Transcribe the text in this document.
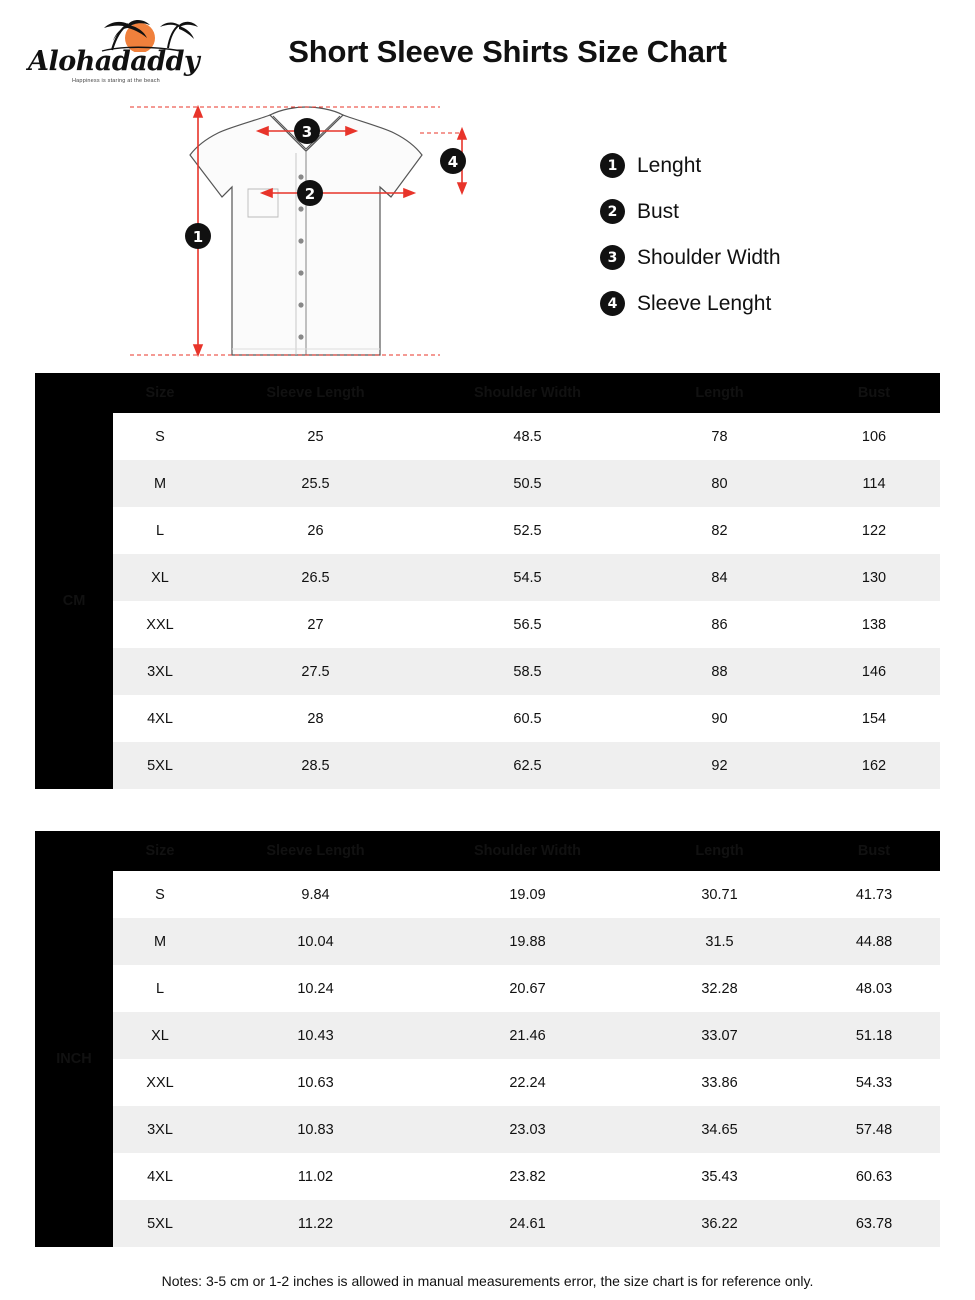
Alohadaddy
Happiness is staring at the beach
Short Sleeve Shirts Size Chart
1
2
3
4	1 Lenght
2 Bust
3 Shoulder Width
4 Sleeve Lenght
	Size	Sleeve Length	Shoulder Width	Length	Bust
CM	S	25	48.5	78	106
	M	25.5	50.5	80	114
	L	26	52.5	82	122
	XL	26.5	54.5	84	130
	XXL	27	56.5	86	138
	3XL	27.5	58.5	88	146
	4XL	28	60.5	90	154
	5XL	28.5	62.5	92	162
	Size	Sleeve Length	Shoulder Width	Length	Bust
INCH	S	9.84	19.09	30.71	41.73
	M	10.04	19.88	31.5	44.88
	L	10.24	20.67	32.28	48.03
	XL	10.43	21.46	33.07	51.18
	XXL	10.63	22.24	33.86	54.33
	3XL	10.83	23.03	34.65	57.48
	4XL	11.02	23.82	35.43	60.63
	5XL	11.22	24.61	36.22	63.78
Notes: 3-5 cm or 1-2 inches is allowed in manual measurements error, the size chart is for reference only.
